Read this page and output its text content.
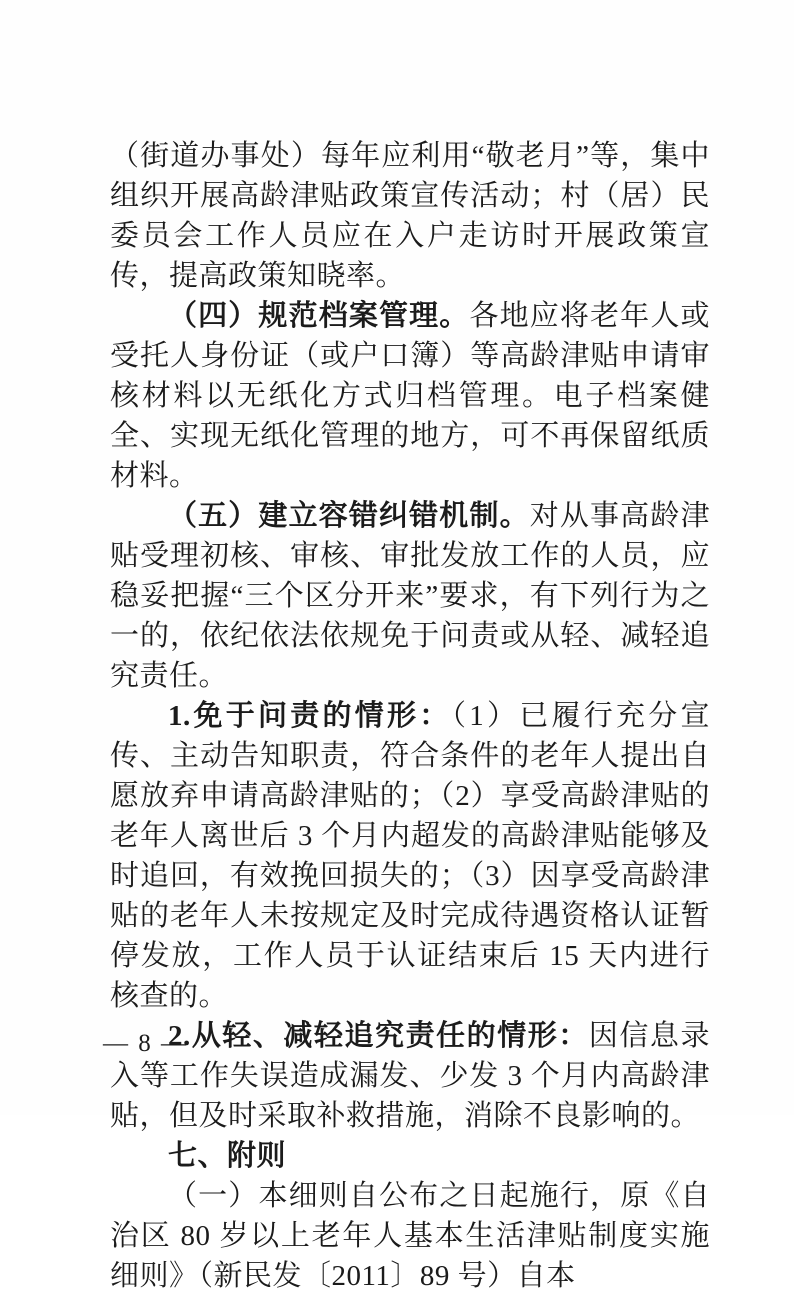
（街道办事处）每年应利用“敬老月”等，集中组织开展高龄津贴政策宣传活动；村（居）民委员会工作人员应在入户走访时开展政策宣传，提高政策知晓率。

（四）规范档案管理。各地应将老年人或受托人身份证（或户口簿）等高龄津贴申请审核材料以无纸化方式归档管理。电子档案健全、实现无纸化管理的地方，可不再保留纸质材料。

（五）建立容错纠错机制。对从事高龄津贴受理初核、审核、审批发放工作的人员，应稳妥把握“三个区分开来”要求，有下列行为之一的，依纪依法依规免于问责或从轻、减轻追究责任。

1.免于问责的情形：（1）已履行充分宣传、主动告知职责，符合条件的老年人提出自愿放弃申请高龄津贴的；（2）享受高龄津贴的老年人离世后 3 个月内超发的高龄津贴能够及时追回，有效挽回损失的；（3）因享受高龄津贴的老年人未按规定及时完成待遇资格认证暂停发放，工作人员于认证结束后 15 天内进行核查的。

2.从轻、减轻追究责任的情形：因信息录入等工作失误造成漏发、少发 3 个月内高龄津贴，但及时采取补救措施，消除不良影响的。

七、附则

（一）本细则自公布之日起施行，原《自治区 80 岁以上老年人基本生活津贴制度实施细则》（新民发〔2011〕89 号）自本

— 8 —
